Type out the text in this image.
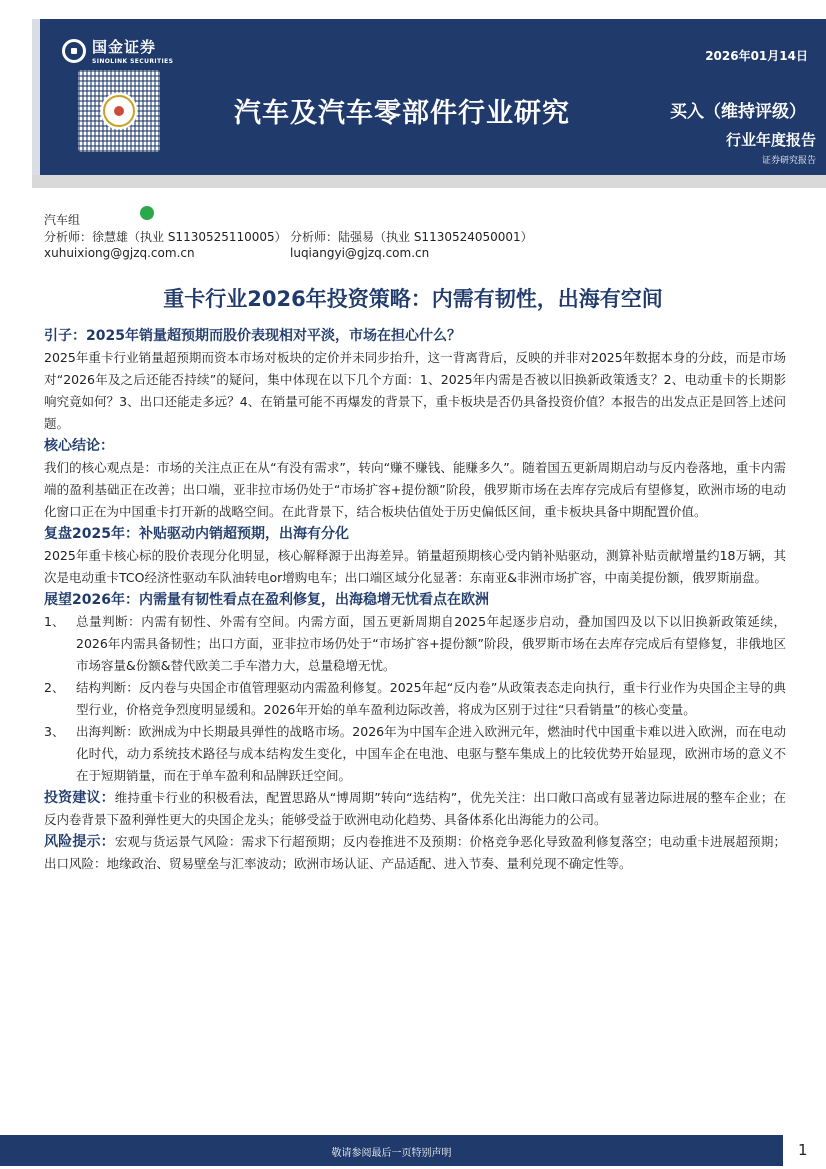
国金证券
SINOLINK SECURITIES	2026年01月14日
汽车及汽车零部件行业研究	买入（维持评级）
行业年度报告
证券研究报告
汽车组
分析师：徐慧雄（执业 S1130525110005） 分析师：陆强易（执业 S1130524050001）
xuhuixiong@gjzq.com.cn	luqiangyi@gjzq.com.cn
重卡行业2026年投资策略：内需有韧性，出海有空间
引子：2025年销量超预期而股价表现相对平淡，市场在担心什么？
2025年重卡行业销量超预期而资本市场对板块的定价并未同步抬升，这一背离背后，反映的并非对2025年数据本身的分歧，而是市场对“2026年及之后还能否持续”的疑问，集中体现在以下几个方面：1、2025年内需是否被以旧换新政策透支？2、电动重卡的长期影响究竟如何？3、出口还能走多远？4、在销量可能不再爆发的背景下，重卡板块是否仍具备投资价值？本报告的出发点正是回答上述问题。
核心结论：
我们的核心观点是：市场的关注点正在从“有没有需求”，转向“赚不赚钱、能赚多久”。随着国五更新周期启动与反内卷落地，重卡内需端的盈利基础正在改善；出口端，亚非拉市场仍处于“市场扩容+提份额”阶段，俄罗斯市场在去库存完成后有望修复，欧洲市场的电动化窗口正在为中国重卡打开新的战略空间。在此背景下，结合板块估值处于历史偏低区间，重卡板块具备中期配置价值。
复盘2025年：补贴驱动内销超预期，出海有分化
2025年重卡核心标的股价表现分化明显，核心解释源于出海差异。销量超预期核心受内销补贴驱动，测算补贴贡献增量约18万辆，其次是电动重卡TCO经济性驱动车队油转电or增购电车；出口端区域分化显著：东南亚&非洲市场扩容，中南美提份额，俄罗斯崩盘。
展望2026年：内需量有韧性看点在盈利修复，出海稳增无忧看点在欧洲
1、 总量判断：内需有韧性、外需有空间。内需方面，国五更新周期自2025年起逐步启动，叠加国四及以下以旧换新政策延续，2026年内需具备韧性；出口方面，亚非拉市场仍处于“市场扩容+提份额”阶段，俄罗斯市场在去库存完成后有望修复，非俄地区市场容量&份额&替代欧美二手车潜力大，总量稳增无忧。
2、 结构判断：反内卷与央国企市值管理驱动内需盈利修复。2025年起“反内卷”从政策表态走向执行，重卡行业作为央国企主导的典型行业，价格竞争烈度明显缓和。2026年开始的单车盈利边际改善，将成为区别于过往“只看销量”的核心变量。
3、 出海判断：欧洲成为中长期最具弹性的战略市场。2026年为中国车企进入欧洲元年，燃油时代中国重卡难以进入欧洲，而在电动化时代，动力系统技术路径与成本结构发生变化，中国车企在电池、电驱与整车集成上的比较优势开始显现，欧洲市场的意义不在于短期销量，而在于单车盈利和品牌跃迁空间。
投资建议：维持重卡行业的积极看法，配置思路从“博周期”转向“选结构”，优先关注：出口敞口高或有显著边际进展的整车企业；在反内卷背景下盈利弹性更大的央国企龙头；能够受益于欧洲电动化趋势、具备体系化出海能力的公司。
风险提示：宏观与货运景气风险：需求下行超预期；反内卷推进不及预期：价格竞争恶化导致盈利修复落空；电动重卡进展超预期；出口风险：地缘政治、贸易壁垒与汇率波动；欧洲市场认证、产品适配、进入节奏、量利兑现不确定性等。
敬请参阅最后一页特别声明	1
